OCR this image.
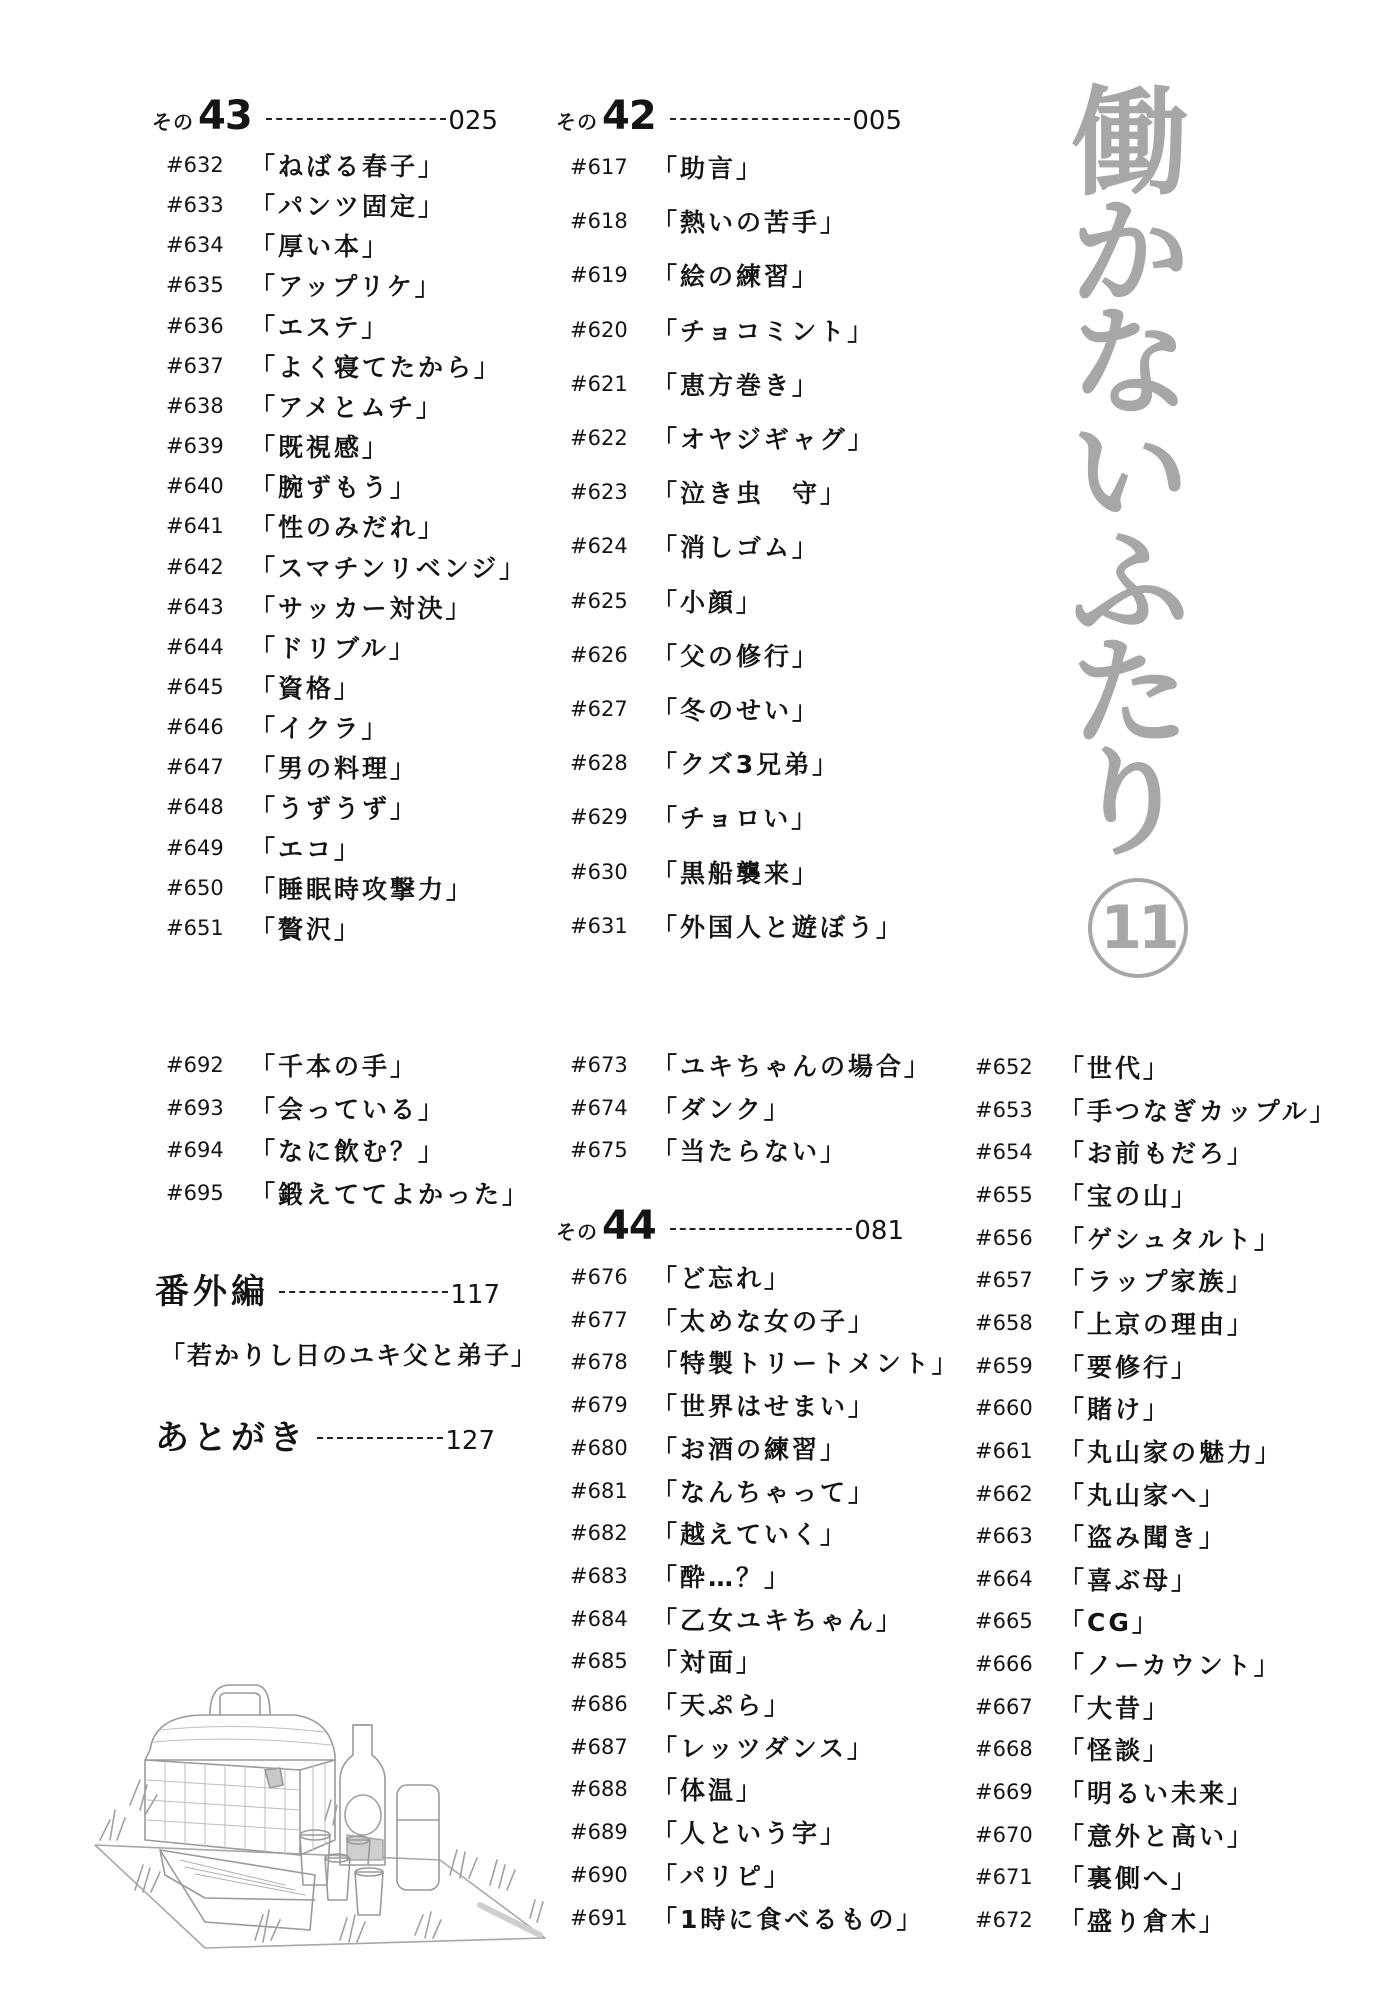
働
か
な
い
ふ
た
り
11
その 43	025
#632 「ねばる春子」
#633 「パンツ固定」
#634 「厚い本」
#635 「アップリケ」
#636 「エステ」
#637 「よく寝てたから」
#638 「アメとムチ」
#639 「既視感」
#640 「腕ずもう」
#641 「性のみだれ」
#642 「スマチンリベンジ」
#643 「サッカー対決」
#644 「ドリブル」
#645 「資格」
#646 「イクラ」
#647 「男の料理」
#648 「うずうず」
#649 「エコ」
#650 「睡眠時攻撃力」
#651 「贅沢」
その 42	005
#617 「助言」
#618 「熱いの苦手」
#619 「絵の練習」
#620 「チョコミント」
#621 「恵方巻き」
#622 「オヤジギャグ」
#623 「泣き虫　守」
#624 「消しゴム」
#625 「小顔」
#626 「父の修行」
#627 「冬のせい」
#628 「クズ3兄弟」
#629 「チョロい」
#630 「黒船襲来」
#631 「外国人と遊ぼう」
#692 「千本の手」
#693 「会っている」
#694 「なに飲む？」
#695 「鍛えててよかった」
番外編	117
「若かりし日のユキ父と弟子」
あとがき	127
#673 「ユキちゃんの場合」
#674 「ダンク」
#675 「当たらない」
その 44	081
#676 「ど忘れ」
#677 「太めな女の子」
#678 「特製トリートメント」
#679 「世界はせまい」
#680 「お酒の練習」
#681 「なんちゃって」
#682 「越えていく」
#683 「酔…？」
#684 「乙女ユキちゃん」
#685 「対面」
#686 「天ぷら」
#687 「レッツダンス」
#688 「体温」
#689 「人という字」
#690 「パリピ」
#691 「1時に食べるもの」
#652 「世代」
#653 「手つなぎカップル」
#654 「お前もだろ」
#655 「宝の山」
#656 「ゲシュタルト」
#657 「ラップ家族」
#658 「上京の理由」
#659 「要修行」
#660 「賭け」
#661 「丸山家の魅力」
#662 「丸山家へ」
#663 「盗み聞き」
#664 「喜ぶ母」
#665 「CG」
#666 「ノーカウント」
#667 「大昔」
#668 「怪談」
#669 「明るい未来」
#670 「意外と高い」
#671 「裏側へ」
#672 「盛り倉木」
